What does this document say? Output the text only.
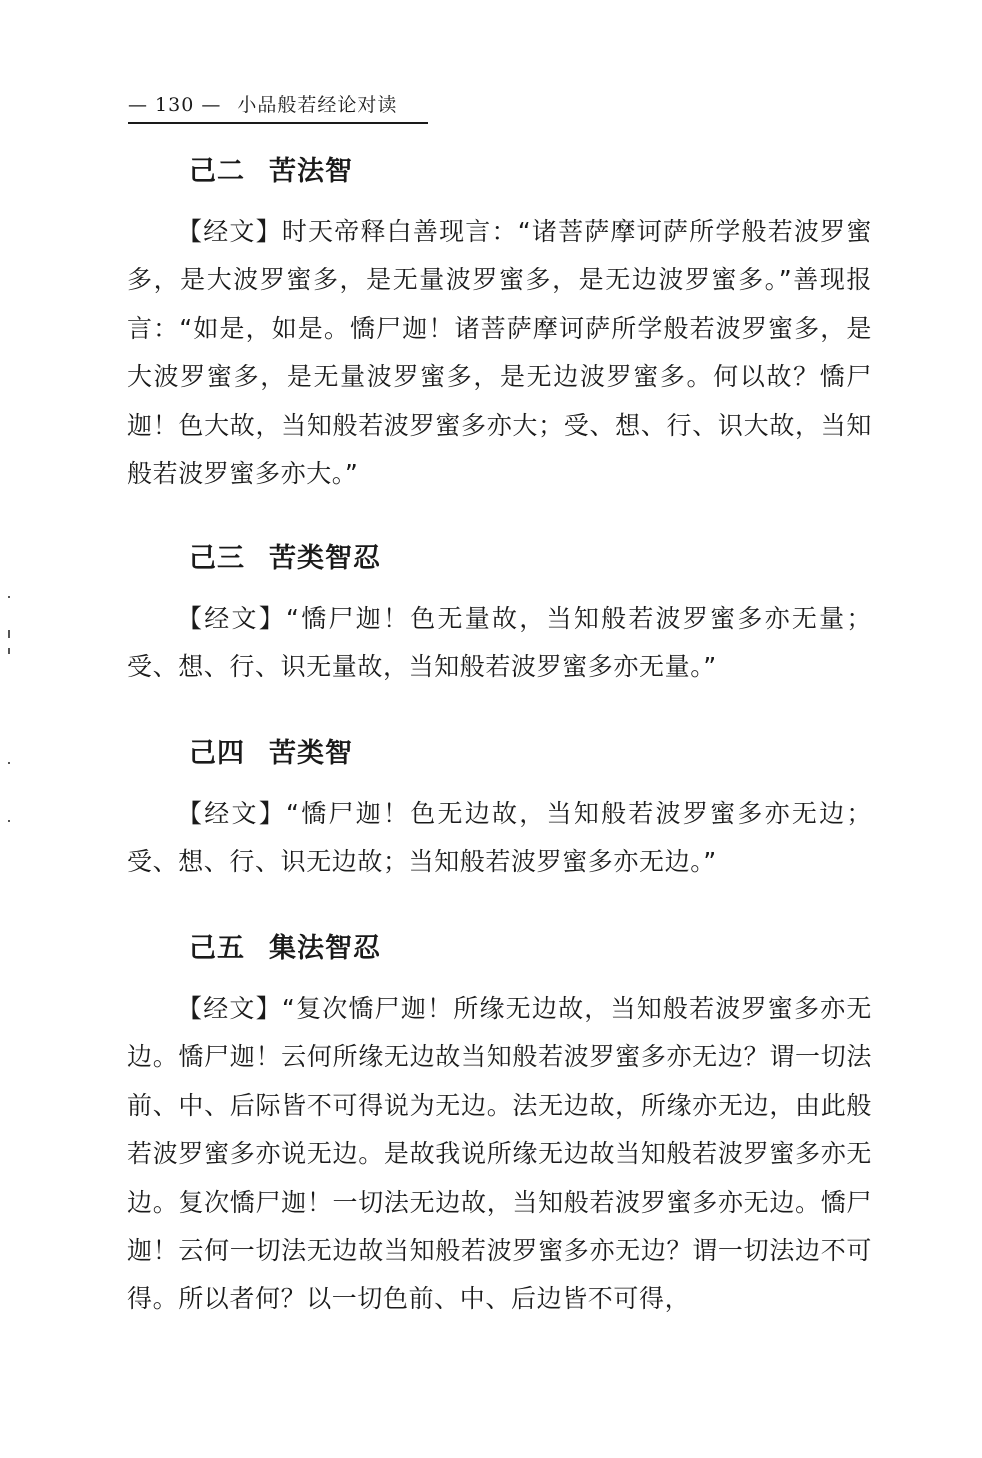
— 130 — 小品般若经论对读
己二 苦法智

【经文】时天帝释白善现言：“诸菩萨摩诃萨所学般若波罗蜜多，是大波罗蜜多，是无量波罗蜜多，是无边波罗蜜多。”善现报言：“如是，如是。憍尸迦！诸菩萨摩诃萨所学般若波罗蜜多，是大波罗蜜多，是无量波罗蜜多，是无边波罗蜜多。何以故？憍尸迦！色大故，当知般若波罗蜜多亦大；受、想、行、识大故，当知般若波罗蜜多亦大。”

己三 苦类智忍

【经文】“憍尸迦！色无量故，当知般若波罗蜜多亦无量；受、想、行、识无量故，当知般若波罗蜜多亦无量。”

己四 苦类智

【经文】“憍尸迦！色无边故，当知般若波罗蜜多亦无边；受、想、行、识无边故；当知般若波罗蜜多亦无边。”

己五 集法智忍

【经文】“复次憍尸迦！所缘无边故，当知般若波罗蜜多亦无边。憍尸迦！云何所缘无边故当知般若波罗蜜多亦无边？谓一切法前、中、后际皆不可得说为无边。法无边故，所缘亦无边，由此般若波罗蜜多亦说无边。是故我说所缘无边故当知般若波罗蜜多亦无边。复次憍尸迦！一切法无边故，当知般若波罗蜜多亦无边。憍尸迦！云何一切法无边故当知般若波罗蜜多亦无边？谓一切法边不可得。所以者何？以一切色前、中、后边皆不可得，
